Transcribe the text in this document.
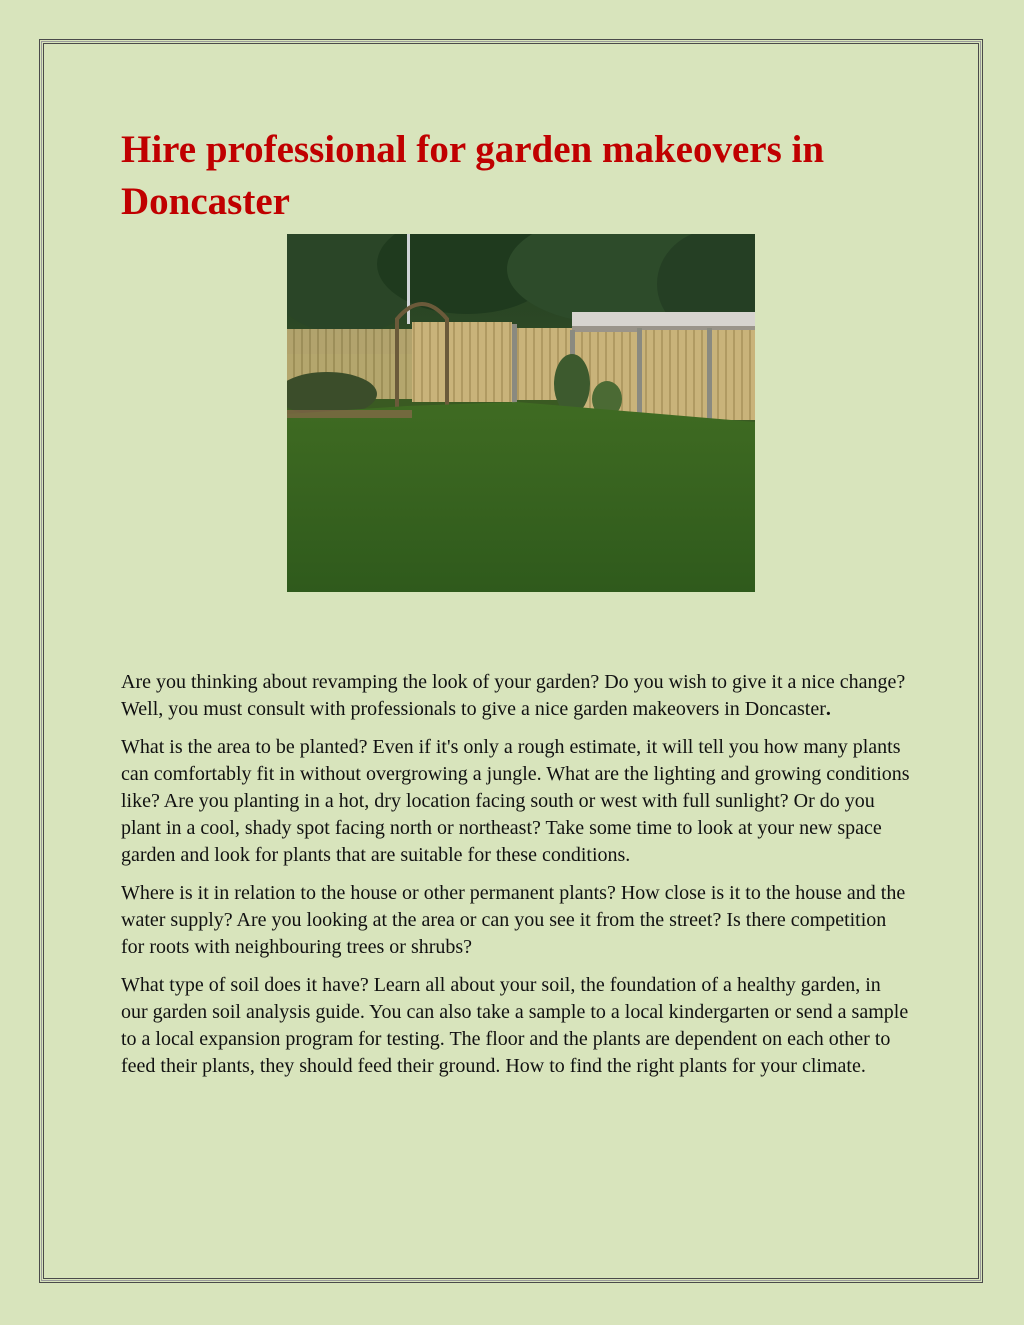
Hire professional for garden makeovers in Doncaster

Are you thinking about revamping the look of your garden? Do you wish to give it a nice change? Well, you must consult with professionals to give a nice garden makeovers in Doncaster.

What is the area to be planted? Even if it's only a rough estimate, it will tell you how many plants can comfortably fit in without overgrowing a jungle. What are the lighting and growing conditions like? Are you planting in a hot, dry location facing south or west with full sunlight? Or do you plant in a cool, shady spot facing north or northeast? Take some time to look at your new space garden and look for plants that are suitable for these conditions.

Where is it in relation to the house or other permanent plants? How close is it to the house and the water supply? Are you looking at the area or can you see it from the street? Is there competition for roots with neighbouring trees or shrubs?

What type of soil does it have? Learn all about your soil, the foundation of a healthy garden, in our garden soil analysis guide. You can also take a sample to a local kindergarten or send a sample to a local expansion program for testing. The floor and the plants are dependent on each other to feed their plants, they should feed their ground. How to find the right plants for your climate.
